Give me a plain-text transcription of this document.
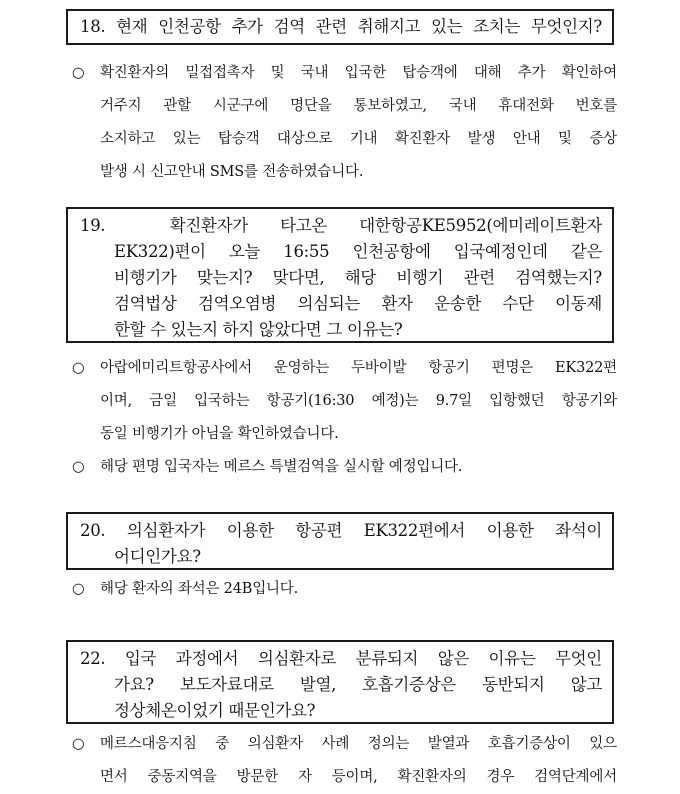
18. 현재 인천공항 추가 검역 관련 취해지고 있는 조치는 무엇인지?
○	확진환자의 밀접접촉자 및 국내 입국한 탑승객에 대해 추가 확인하여
거주지 관할 시군구에 명단을 통보하였고, 국내 휴대전화 번호를
소지하고 있는 탑승객 대상으로 기내 확진환자 발생 안내 및 증상
발생 시 신고안내 SMS를 전송하였습니다.
19.	확진환자가 타고온 대한항공KE5952(에미레이트환자
EK322)편이 오늘 16:55 인천공항에 입국예정인데 같은
비행기가 맞는지? 맞다면, 해당 비행기 관련 검역했는지?
검역법상 검역오염병 의심되는 환자 운송한 수단 이동제
한할 수 있는지 하지 않았다면 그 이유는?
○	아랍에미리트항공사에서 운영하는 두바이발 항공기 편명은 EK322편
이며, 금일 입국하는 항공기(16:30 예정)는 9.7일 입항했던 항공기와
동일 비행기가 아님을 확인하였습니다.
○	해당 편명 입국자는 메르스 특별검역을 실시할 예정입니다.
20. 의심환자가 이용한 항공편 EK322편에서 이용한 좌석이
어디인가요?
○	해당 환자의 좌석은 24B입니다.
22. 입국 과정에서 의심환자로 분류되지 않은 이유는 무엇인
가요? 보도자료대로 발열, 호흡기증상은 동반되지 않고
정상체온이었기 때문인가요?
○	메르스대응지침 중 의심환자 사례 정의는 발열과 호흡기증상이 있으
면서 중동지역을 방문한 자 등이며, 확진환자의 경우 검역단계에서
